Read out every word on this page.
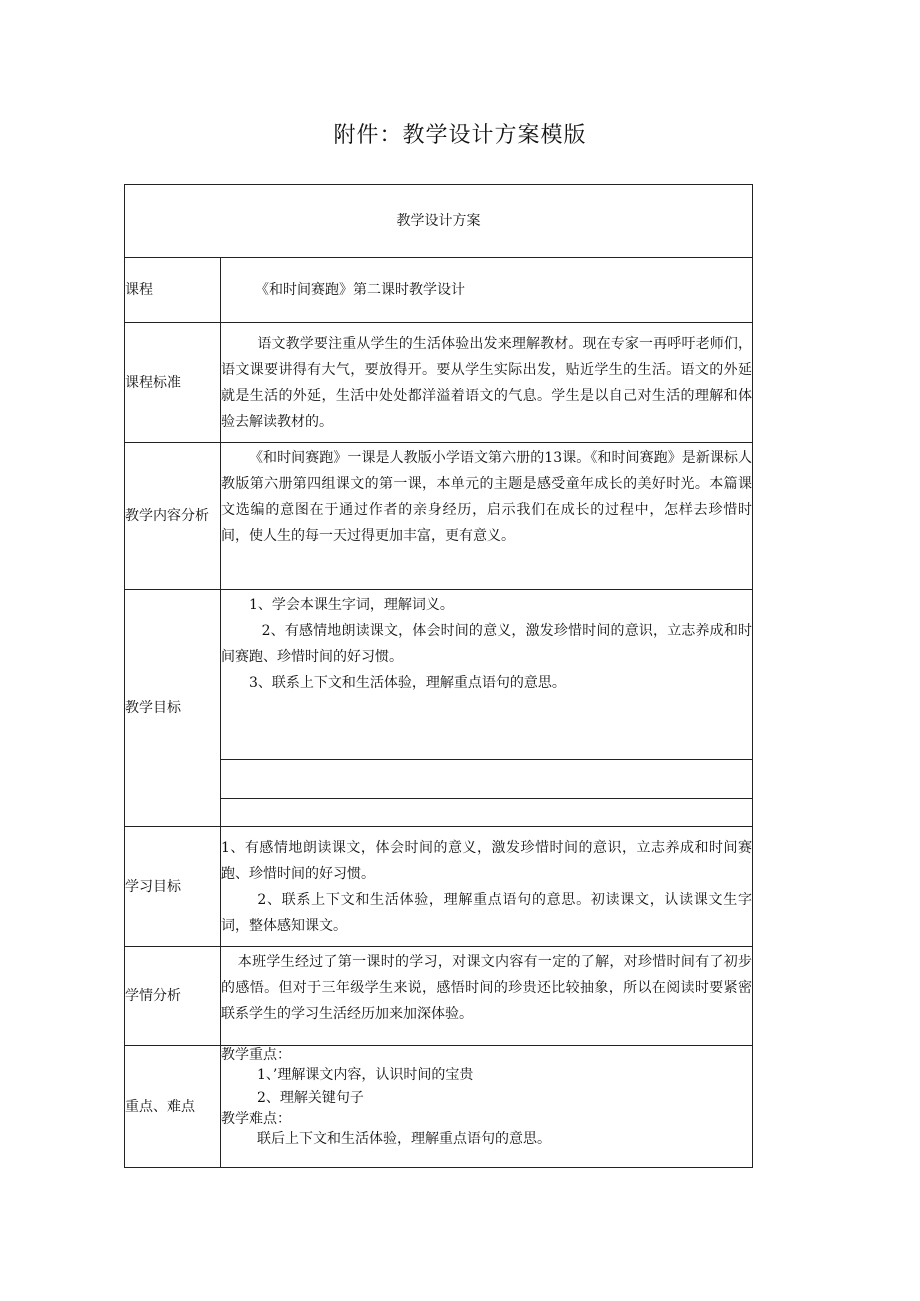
附件：教学设计方案模版
教学设计方案	
课程	《和时间赛跑》第二课时教学设计

课程标准	语文教学要注重从学生的生活体验出发来理解教材。现在专家一再呼吁老师们，语文课要讲得有大气，要放得开。要从学生实际出发，贴近学生的生活。语文的外延就是生活的外延，生活中处处都洋溢着语文的气息。学生是以自己对生活的理解和体验去解读教材的。

教学内容分析	《和时间赛跑》一课是人教版小学语文第六册的13课。《和时间赛跑》是新课标人教版第六册第四组课文的第一课，本单元的主题是感受童年成长的美好时光。本篇课文选编的意图在于通过作者的亲身经历，启示我们在成长的过程中，怎样去珍惜时间，使人生的每一天过得更加丰富，更有意义。

教学目标	1、学会本课生字词，理解词义。

2、有感情地朗读课文，体会时间的意义，激发珍惜时间的意识，立志养成和时间赛跑、珍惜时间的好习惯。

3、联系上下文和生活体验，理解重点语句的意思。

学习目标	1、有感情地朗读课文，体会时间的意义，激发珍惜时间的意识，立志养成和时间赛跑、珍惜时间的好习惯。

2、联系上下文和生活体验，理解重点语句的意思。初读课文，认读课文生字词，整体感知课文。

学情分析	本班学生经过了第一课时的学习，对课文内容有一定的了解，对珍惜时间有了初步的感悟。但对于三年级学生来说，感悟时间的珍贵还比较抽象，所以在阅读时要紧密联系学生的学习生活经历加来加深体验。

重点、难点	教学重点：

1、’理解课文内容，认识时间的宝贵

2、理解关键句子

教学难点：

联后上下文和生活体验，理解重点语句的意思。
